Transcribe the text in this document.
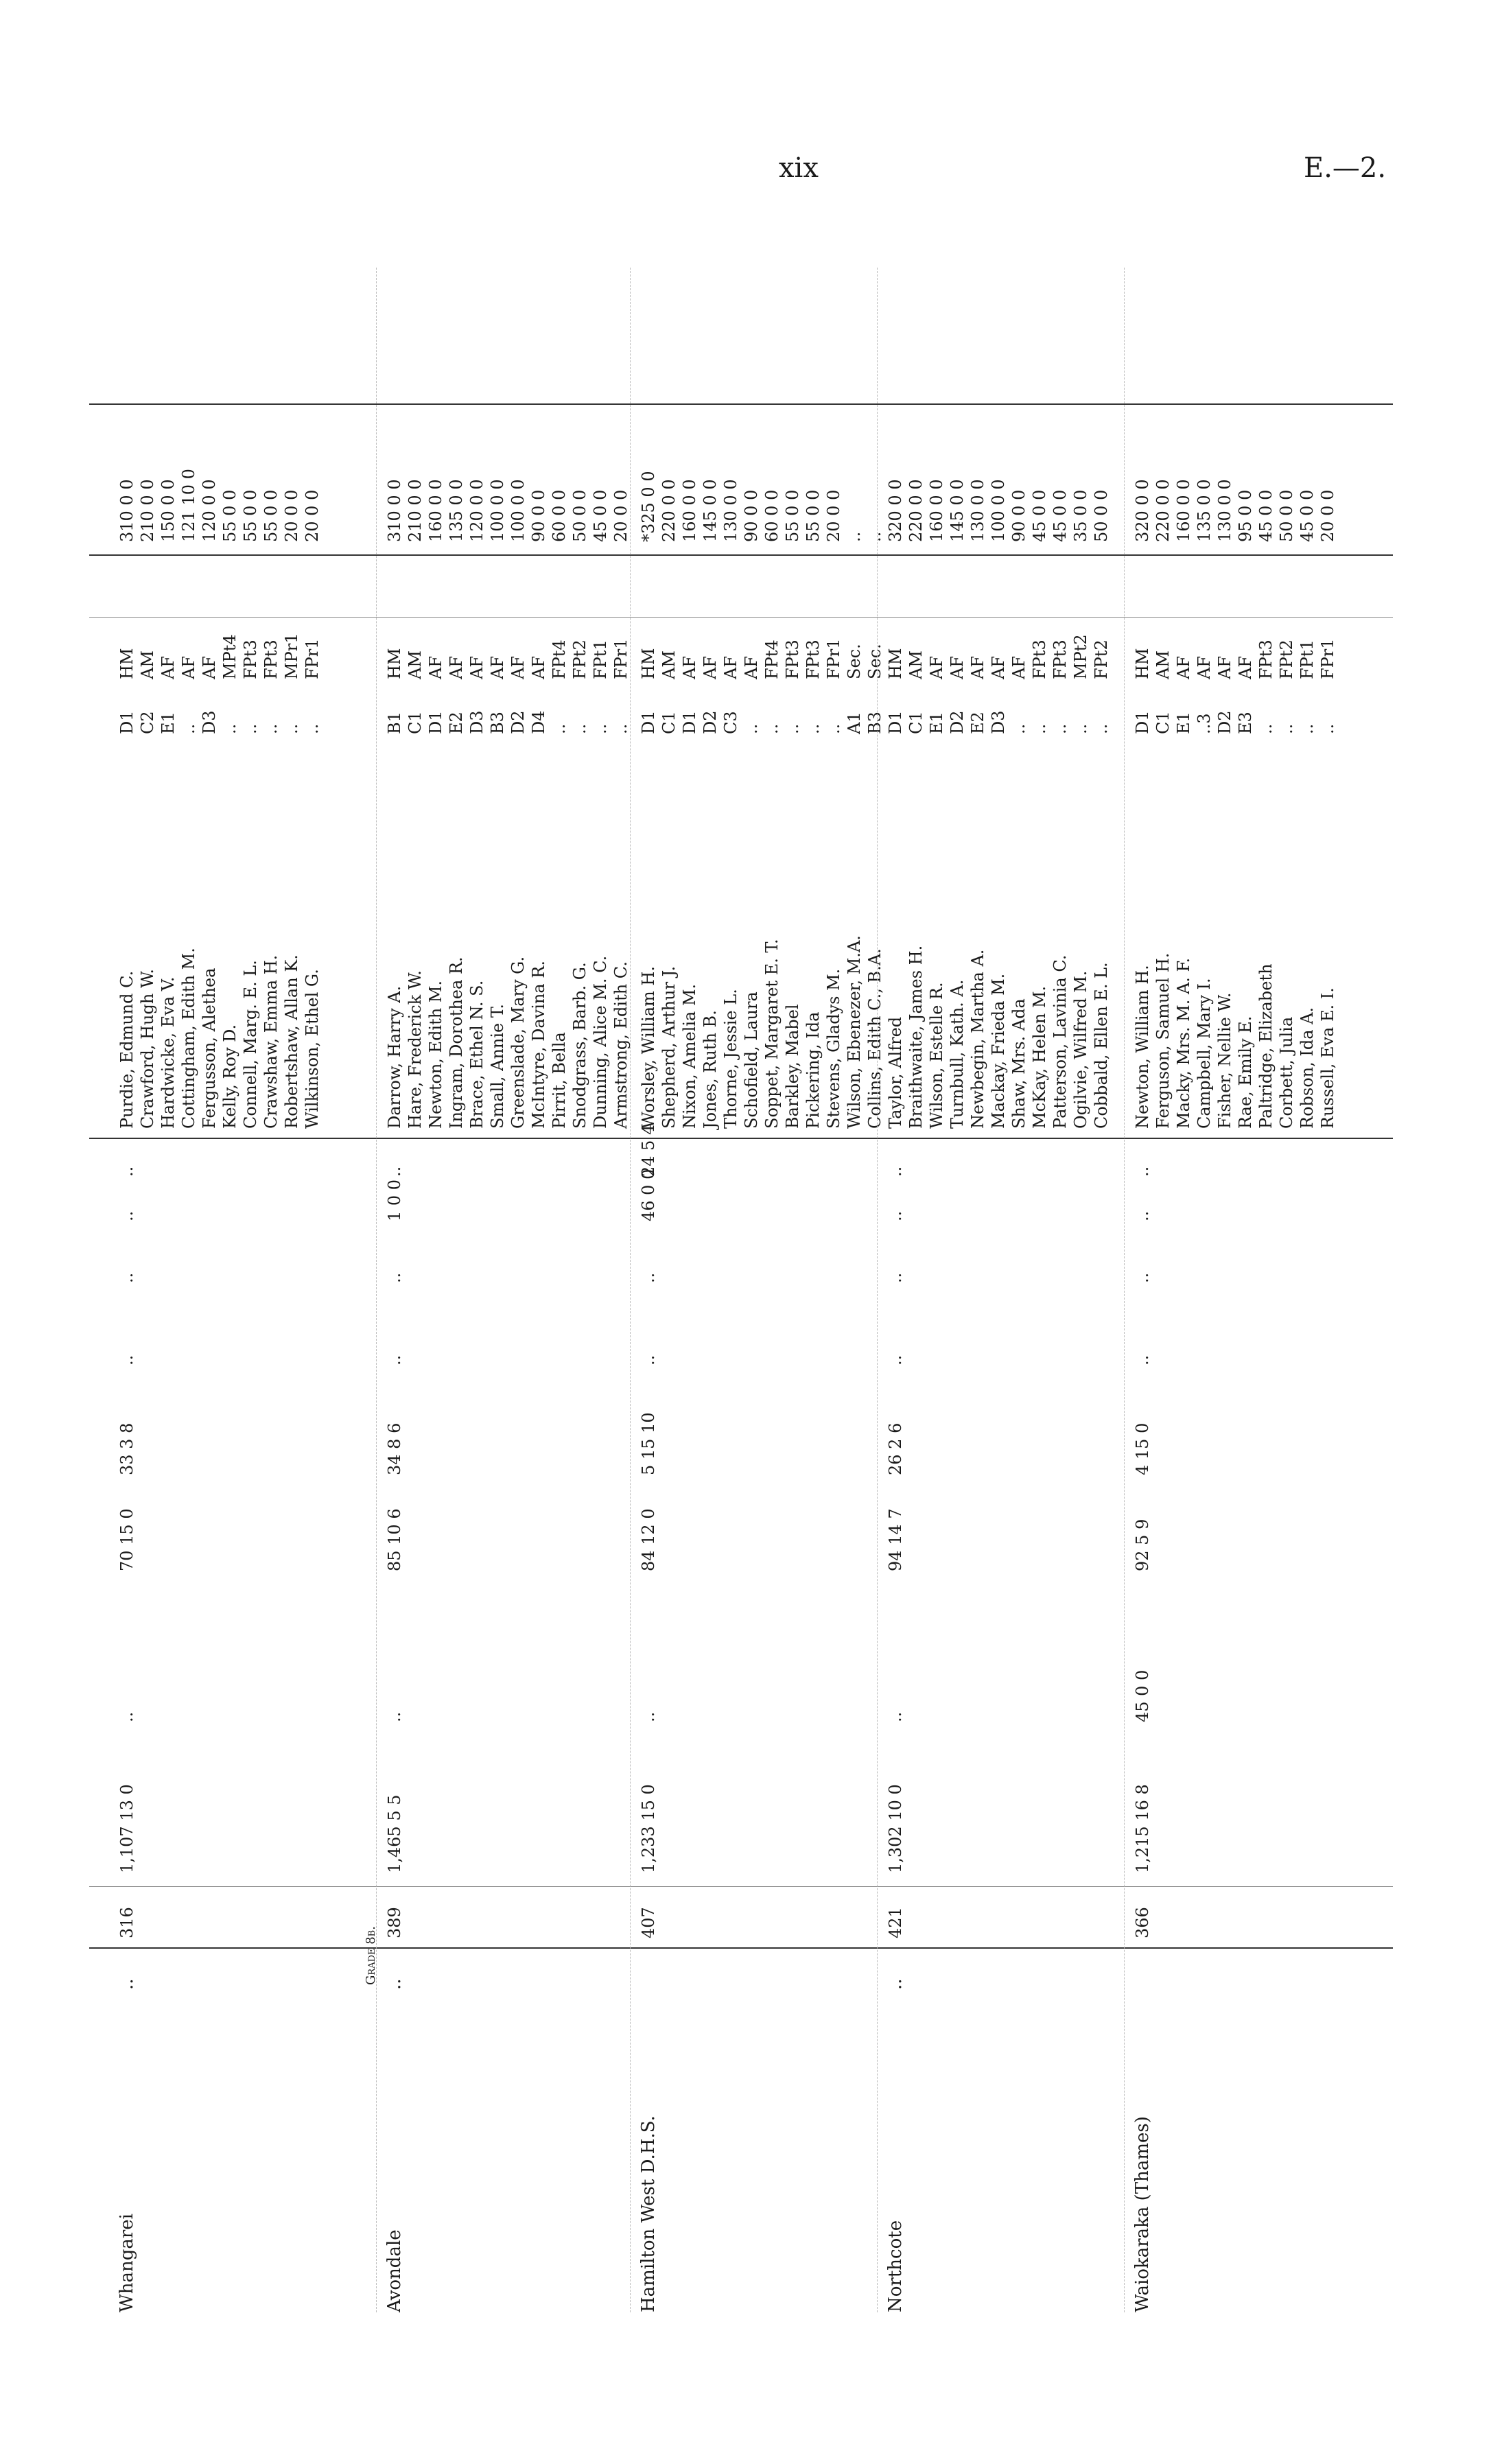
xix	E.—2.
Whangarei
..
316
1,107 13 0
..
70 15 0
33 3 8
..
..
..
..
Purdie, Edmund C. Crawford, Hugh W. Hardwicke, Eva V. Cottingham, Edith M. Fergusson, Alethea Kelly, Roy D. Connell, Marg. E. L. Crawshaw, Emma H. Robertshaw, Allan K. Wilkinson, Ethel G.
D1 C2 E1 .. D3 .. .. .. .. ..
HM AM AF AF AF MPt4 FPt3 FPt3 MPr1 FPr1
310 0 0 210 0 0 150 0 0 121 10 0 120 0 0 55 0 0 55 0 0 55 0 0 20 0 0 20 0 0
Grade 8b.
Avondale
..
389
1,465 5 5
..
85 10 6
34 8 6
..
..
1 0 0
..
Darrow, Harry A. Hare, Frederick W. Newton, Edith M. Ingram, Dorothea R. Brace, Ethel N. S. Small, Annie T. Greenslade, Mary G. McIntyre, Davina R. Pirrit, Bella Snodgrass, Barb. G. Dunning, Alice M. C. Armstrong, Edith C.
B1 C1 D1 E2 D3 B3 D2 D4 .. .. .. ..
HM AM AF AF AF AF AF AF FPt4 FPt2 FPt1 FPr1
310 0 0 210 0 0 160 0 0 135 0 0 120 0 0 100 0 0 100 0 0 90 0 0 60 0 0 50 0 0 45 0 0 20 0 0
Hamilton West D.H.S.
407
1,233 15 0
..
84 12 0
5 15 10
..
..
46 0 0
24 5 4
Worsley, William H. Shepherd, Arthur J. Nixon, Amelia M. Jones, Ruth B. Thorne, Jessie L. Schofield, Laura Soppet, Margaret E. T. Barkley, Mabel Pickering, Ida Stevens, Gladys M. Wilson, Ebenezer, M.A. Collins, Edith C., B.A.
D1 C1 D1 D2 C3 .. .. .. .. .. A1 B3
HM AM AF AF AF AF FPt4 FPt3 FPt3 FPr1 Sec. Sec.
*325 0 0 220 0 0 160 0 0 145 0 0 130 0 0 90 0 0 60 0 0 55 0 0 55 0 0 20 0 0 .. ..
Northcote
..
421
1,302 10 0
..
94 14 7
26 2 6
..
..
..
..
Taylor, Alfred Braithwaite, James H. Wilson, Estelle R. Turnbull, Kath. A. Newbegin, Martha A. Mackay, Frieda M. Shaw, Mrs. Ada McKay, Helen M. Patterson, Lavinia C. Ogilvie, Wilfred M. Cobbald, Ellen E. L.
D1 C1 E1 D2 E2 D3 .. .. .. .. ..
HM AM AF AF AF AF AF FPt3 FPt3 MPt2 FPt2
320 0 0 220 0 0 160 0 0 145 0 0 130 0 0 100 0 0 90 0 0 45 0 0 45 0 0 35 0 0 50 0 0
Waiokaraka (Thames)
366
1,215 16 8
45 0 0
92 5 9
4 15 0
..
..
..
..
Newton, William H. Ferguson, Samuel H. Macky, Mrs. M. A. F. Campbell, Mary I. Fisher, Nellie W. Rae, Emily E. Paltridge, Elizabeth Corbett, Julia Robson, Ida A. Russell, Eva E. I.
D1 C1 E1 ..3 D2 E3 .. .. .. ..
HM AM AF AF AF AF FPt3 FPt2 FPt1 FPr1
320 0 0 220 0 0 160 0 0 135 0 0 130 0 0 95 0 0 45 0 0 50 0 0 45 0 0 20 0 0
